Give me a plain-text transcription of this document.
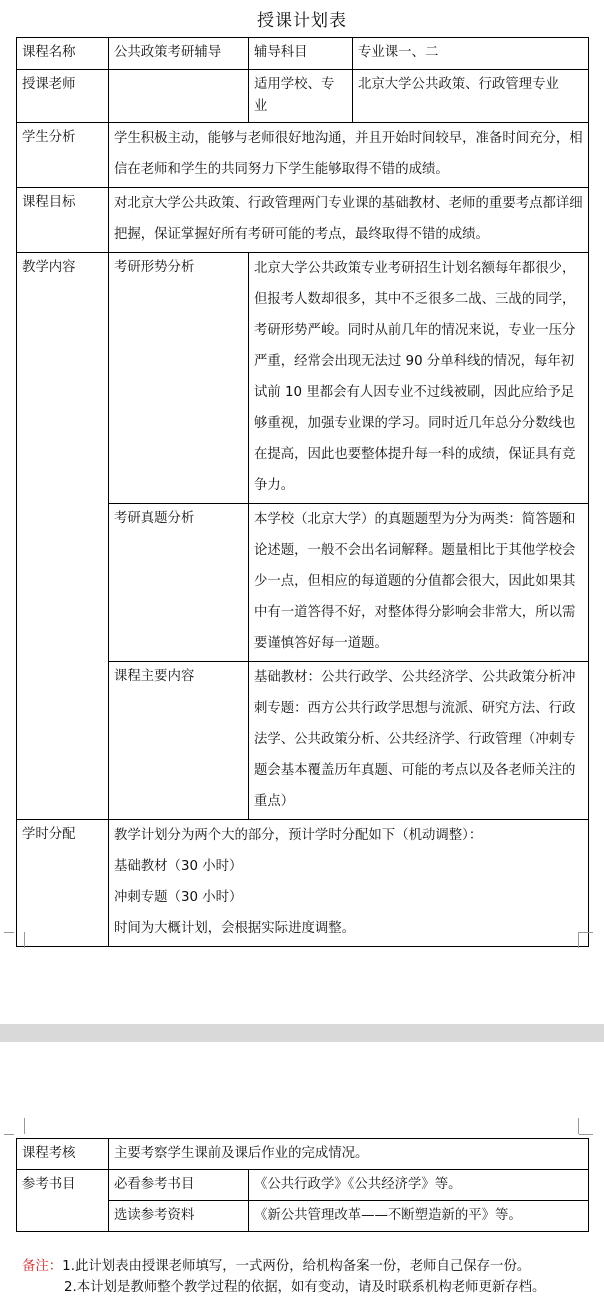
授课计划表
课程名称	公共政策考研辅导	辅导科目	专业课一、二
授课老师		适用学校、专业	北京大学公共政策、行政管理专业
学生分析	学生积极主动，能够与老师很好地沟通，并且开始时间较早，准备时间充分，相信在老师和学生的共同努力下学生能够取得不错的成绩。		
课程目标	对北京大学公共政策、行政管理两门专业课的基础教材、老师的重要考点都详细把握，保证掌握好所有考研可能的考点，最终取得不错的成绩。		
教学内容	考研形势分析	北京大学公共政策专业考研招生计划名额每年都很少，但报考人数却很多，其中不乏很多二战、三战的同学，考研形势严峻。同时从前几年的情况来说，专业一压分严重，经常会出现无法过 90 分单科线的情况，每年初试前 10 里都会有人因专业不过线被刷，因此应给予足够重视，加强专业课的学习。同时近几年总分分数线也在提高，因此也要整体提升每一科的成绩，保证具有竞争力。	
	考研真题分析	本学校（北京大学）的真题题型为分为两类：简答题和论述题，一般不会出名词解释。题量相比于其他学校会少一点，但相应的每道题的分值都会很大，因此如果其中有一道答得不好，对整体得分影响会非常大，所以需要谨慎答好每一道题。	
	课程主要内容	基础教材：公共行政学、公共经济学、公共政策分析冲刺专题：西方公共行政学思想与流派、研究方法、行政法学、公共政策分析、公共经济学、行政管理（冲刺专题会基本覆盖历年真题、可能的考点以及各老师关注的重点）	
学时分配	教学计划分为两个大的部分，预计学时分配如下（机动调整）：
基础教材（30 小时）
冲刺专题（30 小时）
时间为大概计划，会根据实际进度调整。		
课程考核	主要考察学生课前及课后作业的完成情况。	
参考书目	必看参考书目	《公共行政学》《公共经济学》等。
	选读参考资料	《新公共管理改革——不断塑造新的平》等。
备注：1.此计划表由授课老师填写，一式两份，给机构备案一份，老师自己保存一份。
2.本计划是教师整个教学过程的依据，如有变动，请及时联系机构老师更新存档。
